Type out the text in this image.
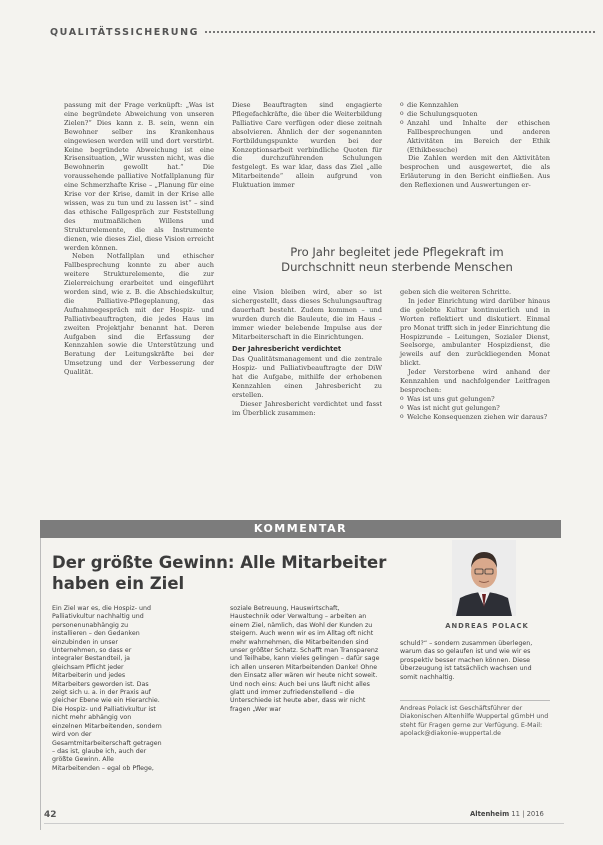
QUALITÄTSSICHERUNG

passung mit der Frage verknüpft: „Was ist eine begründete Abweichung von unseren Zielen?“ Dies kann z. B. sein, wenn ein Bewohner selber ins Krankenhaus eingewiesen werden will und dort verstirbt. Keine begründete Abweichung ist eine Krisensituation, „Wir wussten nicht, was die Bewohnerin gewollt hat.“ Die voraussehende palliative Notfallplanung für eine Schmerzhafte Krise – „Planung für eine Krise vor der Krise, damit in der Krise alle wissen, was zu tun und zu lassen ist“ – sind das ethische Fallgespräch zur Feststellung des mutmaßlichen Willens und Strukturelemente, die als Instrumente dienen, wie dieses Ziel, diese Vision erreicht werden können.

Neben Notfallplan und ethischer Fallbesprechung konnte zu aber auch weitere Strukturelemente, die zur Zielerreichung erarbeitet und eingeführt worden sind, wie z. B. die Abschiedskultur, die Palliative-Pflegeplanung, das Aufnahmegespräch mit der Hospiz- und Palliativbeauftragten, die jedes Haus im zweiten Projektjahr benannt hat. Deren Aufgaben sind die Erfassung der Kennzahlen sowie die Unterstützung und Beratung der Leitungskräfte bei der Umsetzung und der Verbesserung der Qualität.

Diese Beauftragten sind engagierte Pflegefachkräfte, die über die Weiterbildung Palliative Care verfügen oder diese zeitnah absolvieren. Ähnlich der der sogenannten Fortbildungspunkte wurden bei der Konzeptionsarbeit verbindliche Quoten für die durchzuführenden Schulungen festgelegt. Es war klar, dass das Ziel „alle Mitarbeitende“ allein aufgrund von Fluktuation immer

o die Kennzahlen
o die Schulungsquoten
o Anzahl und Inhalte der ethischen Fallbesprechungen und anderen Aktivitäten im Bereich der Ethik (Ethikbesuche)

Die Zahlen werden mit den Aktivitäten besprochen und ausgewertet, die als Erläuterung in den Bericht einfließen. Aus den Reflexionen und Auswertungen er-

Pro Jahr begleitet jede Pflegekraft im Durchschnitt neun sterbende Menschen

eine Vision bleiben wird, aber so ist sichergestellt, dass dieses Schulungsauftrag dauerhaft besteht. Zudem kommen – und wurden durch die Bauleute, die im Haus – immer wieder belebende Impulse aus der Mitarbeiterschaft in die Einrichtungen.

Der Jahresbericht verdichtet

Das Qualitätsmanagement und die zentrale Hospiz- und Palliativbeauftragte der DiW hat die Aufgabe, mithilfe der erhobenen Kennzahlen einen Jahresbericht zu erstellen.

Dieser Jahresbericht verdichtet und fasst im Überblick zusammen:

geben sich die weiteren Schritte.

In jeder Einrichtung wird darüber hinaus die gelebte Kultur kontinuierlich und in Worten reflektiert und diskutiert. Einmal pro Monat trifft sich in jeder Einrichtung die Hospizrunde – Leitungen, Sozialer Dienst, Seelsorge, ambulanter Hospizdienst, die jeweils auf den zurückliegenden Monat blickt.

Jeder Verstorbene wird anhand der Kennzahlen und nachfolgender Leitfragen besprochen:

o Was ist uns gut gelungen?
o Was ist nicht gut gelungen?
o Welche Konsequenzen ziehen wir daraus?
KOMMENTAR
Der größte Gewinn: Alle Mitarbeiter haben ein Ziel
ANDREAS POLACK

Ein Ziel war es, die Hospiz- und Palliativkultur nachhaltig und personenunabhängig zu installieren – den Gedanken einzubinden in unser Unternehmen, so dass er integraler Bestandteil, ja gleichsam Pflicht jeder Mitarbeiterin und jedes Mitarbeiters geworden ist. Das zeigt sich u. a. in der Praxis auf gleicher Ebene wie ein Hierarchie. Die Hospiz- und Palliativkultur ist nicht mehr abhängig von einzelnen Mitarbeitenden, sondern wird von der Gesamtmitarbeiterschaft getragen – das ist, glaube ich, auch der größte Gewinn. Alle Mitarbeitenden – egal ob Pflege,

soziale Betreuung, Hauswirtschaft, Haustechnik oder Verwaltung – arbeiten an einem Ziel, nämlich, das Wohl der Kunden zu steigern. Auch wenn wir es im Alltag oft nicht mehr wahrnehmen, die Mitarbeitenden sind unser größter Schatz. Schafft man Transparenz und Teilhabe, kann vieles gelingen – dafür sage ich allen unseren Mitarbeitenden Danke! Ohne den Einsatz aller wären wir heute nicht soweit. Und noch eins: Auch bei uns läuft nicht alles glatt und immer zufriedenstellend – die Unterschiede ist heute aber, dass wir nicht fragen „Wer war

schuld?“ – sondern zusammen überlegen, warum das so gelaufen ist und wie wir es prospektiv besser machen können. Diese Überzeugung ist tatsächlich wachsen und somit nachhaltig.

Andreas Polack ist Geschäftsführer der Diakonischen Altenhilfe Wuppertal gGmbH und steht für Fragen gerne zur Verfügung. E-Mail: apolack@diakonie-wuppertal.de
42	Altenheim 11 | 2016
